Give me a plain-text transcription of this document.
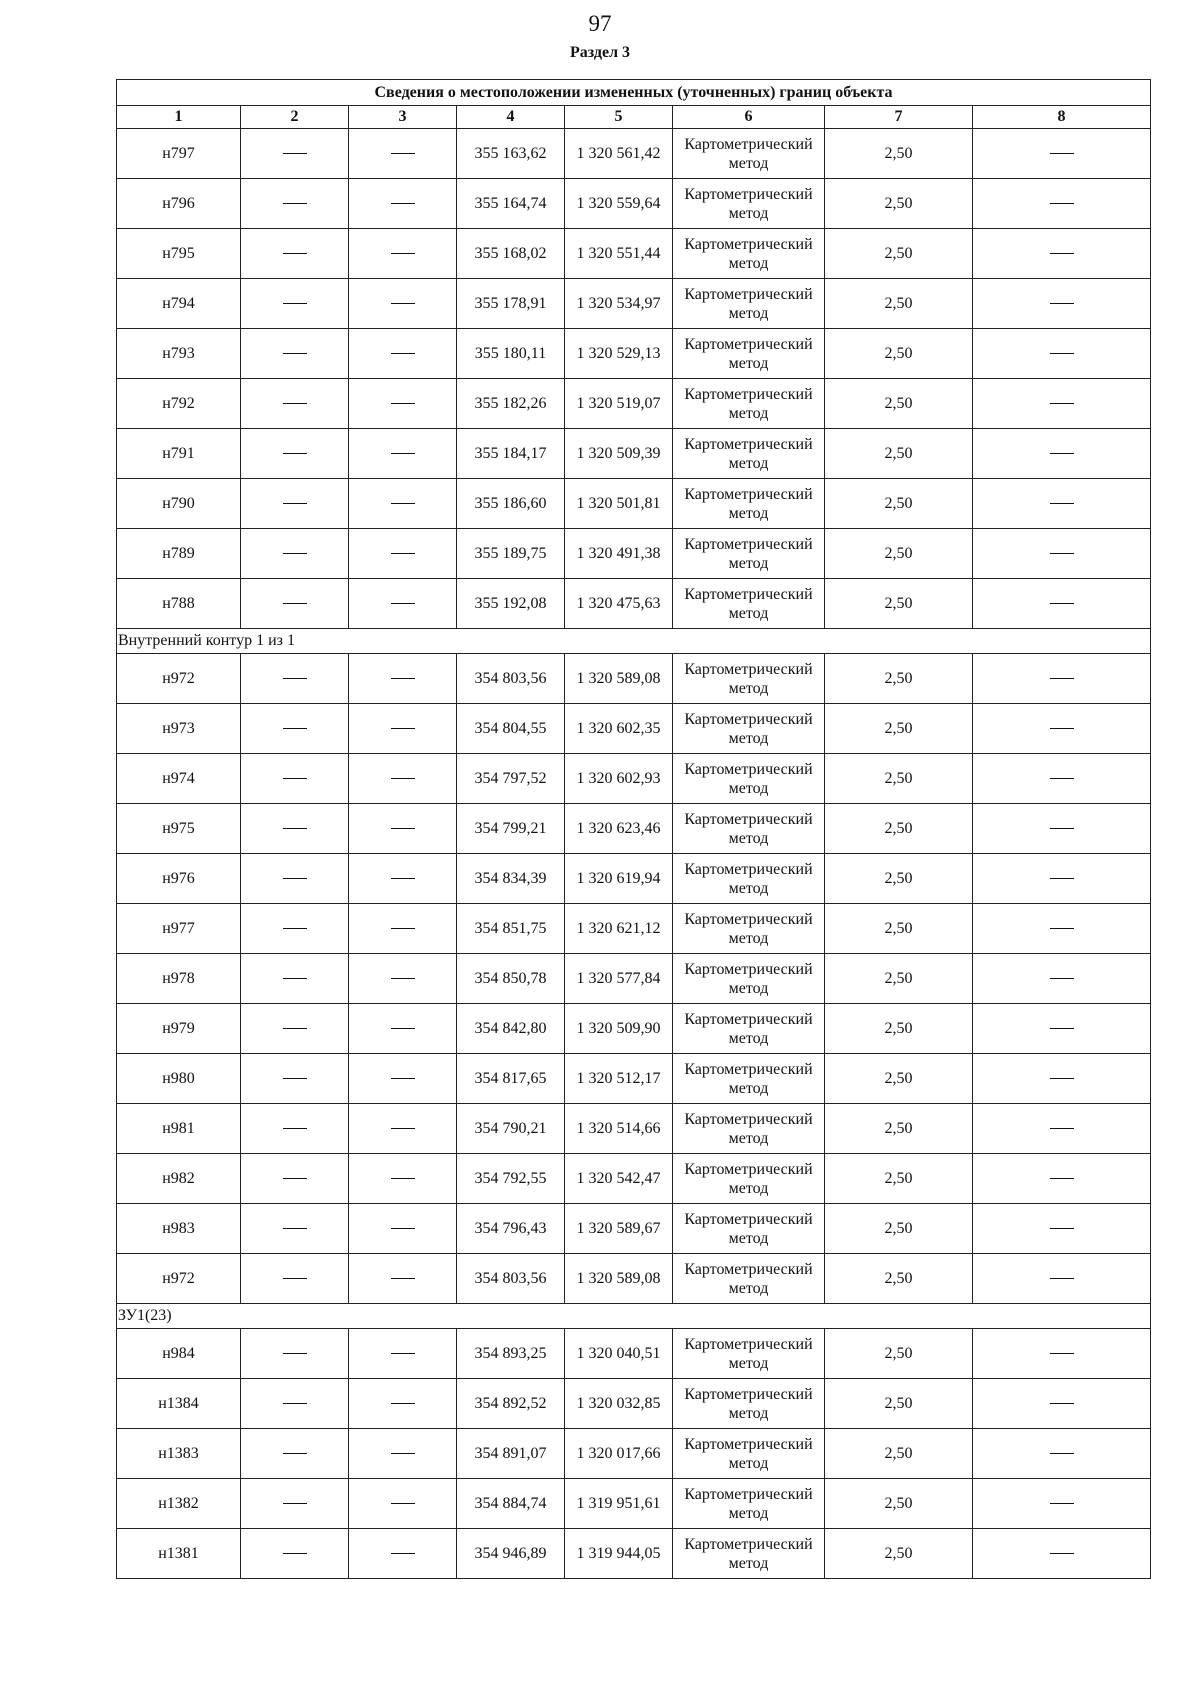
97
Раздел 3
Сведения о местоположении измененных (уточненных) границ объекта							
1	2	3	4	5	6	7	8
н797			355 163,62	1 320 561,42	Картометрический метод	2,50	
н796			355 164,74	1 320 559,64	Картометрический метод	2,50	
н795			355 168,02	1 320 551,44	Картометрический метод	2,50	
н794			355 178,91	1 320 534,97	Картометрический метод	2,50	
н793			355 180,11	1 320 529,13	Картометрический метод	2,50	
н792			355 182,26	1 320 519,07	Картометрический метод	2,50	
н791			355 184,17	1 320 509,39	Картометрический метод	2,50	
н790			355 186,60	1 320 501,81	Картометрический метод	2,50	
н789			355 189,75	1 320 491,38	Картометрический метод	2,50	
н788			355 192,08	1 320 475,63	Картометрический метод	2,50	
Внутренний контур 1 из 1							
н972			354 803,56	1 320 589,08	Картометрический метод	2,50	
н973			354 804,55	1 320 602,35	Картометрический метод	2,50	
н974			354 797,52	1 320 602,93	Картометрический метод	2,50	
н975			354 799,21	1 320 623,46	Картометрический метод	2,50	
н976			354 834,39	1 320 619,94	Картометрический метод	2,50	
н977			354 851,75	1 320 621,12	Картометрический метод	2,50	
н978			354 850,78	1 320 577,84	Картометрический метод	2,50	
н979			354 842,80	1 320 509,90	Картометрический метод	2,50	
н980			354 817,65	1 320 512,17	Картометрический метод	2,50	
н981			354 790,21	1 320 514,66	Картометрический метод	2,50	
н982			354 792,55	1 320 542,47	Картометрический метод	2,50	
н983			354 796,43	1 320 589,67	Картометрический метод	2,50	
н972			354 803,56	1 320 589,08	Картометрический метод	2,50	
ЗУ1(23)							
н984			354 893,25	1 320 040,51	Картометрический метод	2,50	
н1384			354 892,52	1 320 032,85	Картометрический метод	2,50	
н1383			354 891,07	1 320 017,66	Картометрический метод	2,50	
н1382			354 884,74	1 319 951,61	Картометрический метод	2,50	
н1381			354 946,89	1 319 944,05	Картометрический метод	2,50	
